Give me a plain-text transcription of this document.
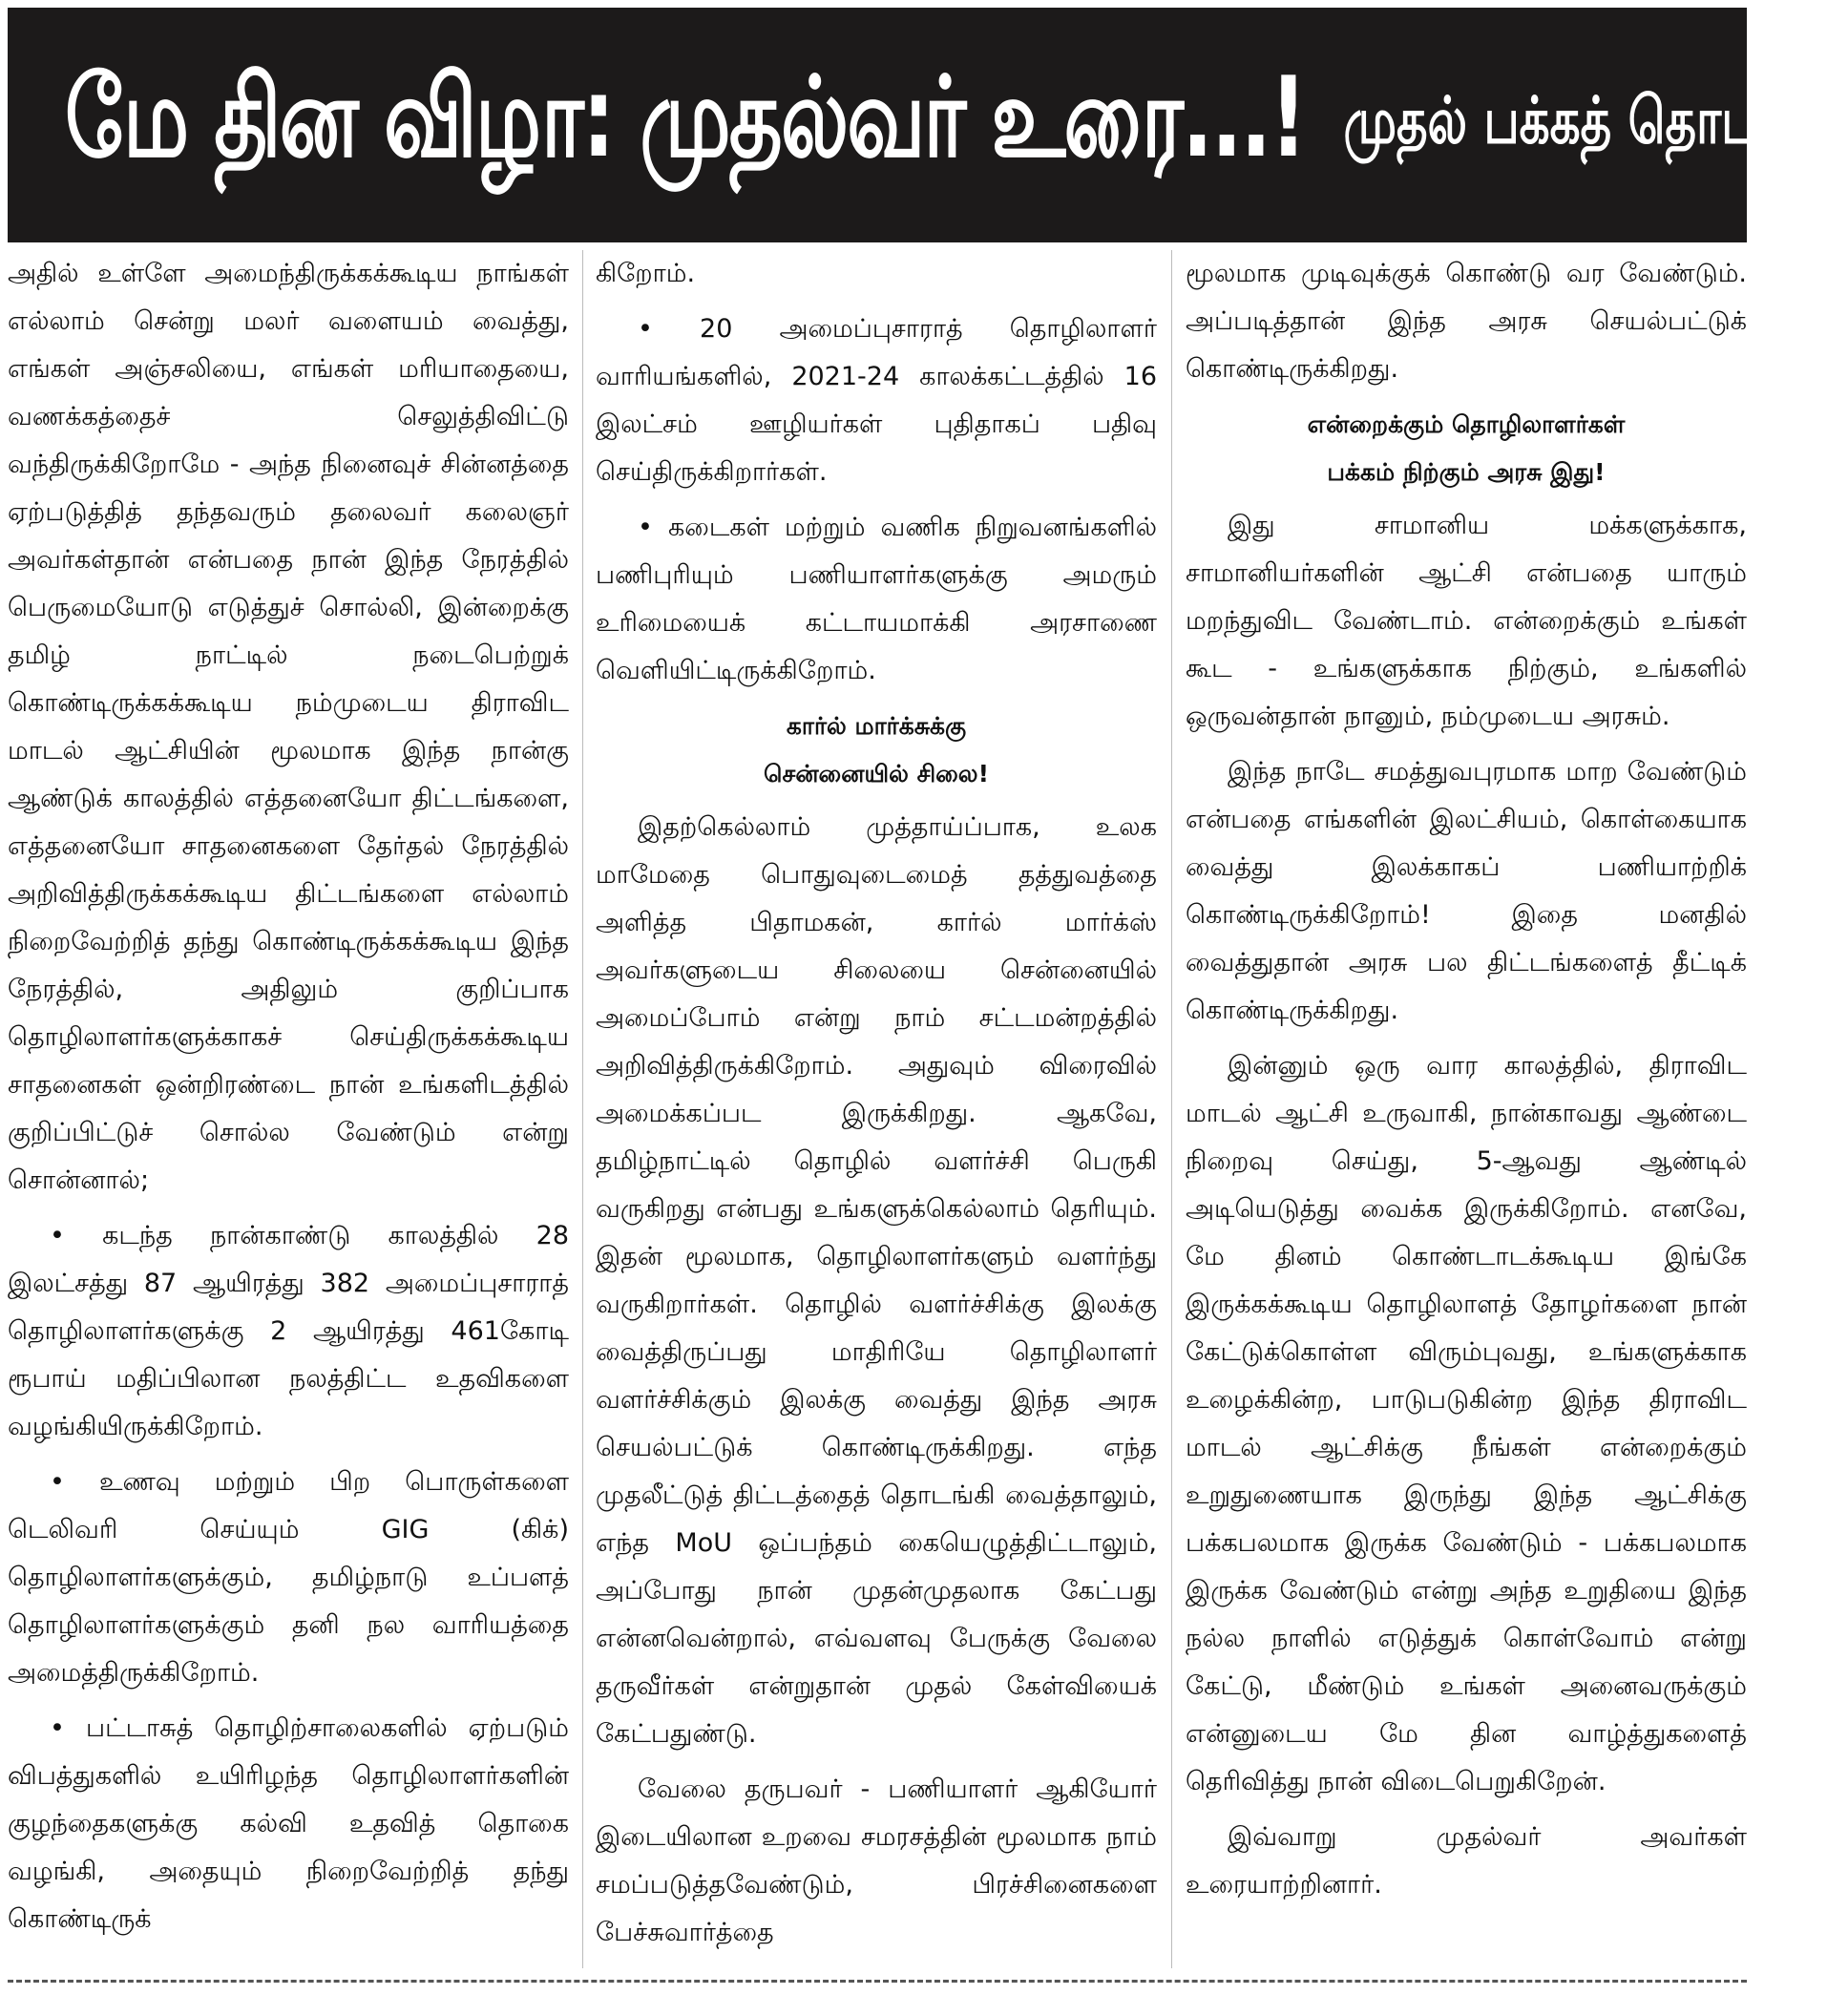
மே தின விழா: முதல்வர் உரை...! முதல் பக்கத் தொடர்ச்சி

அதில் உள்ளே அமைந்திருக்கக்கூடிய நாங்கள் எல்லாம் சென்று மலர் வளையம் வைத்து, எங்கள் அஞ்சலியை, எங்கள் மரியாதையை, வணக்கத்தைச் செலுத்திவிட்டு வந்திருக்கிறோமே - அந்த நினைவுச் சின்னத்தை ஏற்படுத்தித் தந்தவரும் தலைவர் கலைஞர் அவர்கள்தான் என்பதை நான் இந்த நேரத்தில் பெருமையோடு எடுத்துச் சொல்லி, இன்றைக்கு தமிழ் நாட்டில் நடைபெற்றுக் கொண்டிருக்கக்கூடிய நம்முடைய திராவிட மாடல் ஆட்சியின் மூலமாக இந்த நான்கு ஆண்டுக் காலத்தில் எத்தனையோ திட்டங்களை, எத்தனையோ சாதனைகளை தேர்தல் நேரத்தில் அறிவித்திருக்கக்கூடிய திட்டங்களை எல்லாம் நிறைவேற்றித் தந்து கொண்டிருக்கக்கூடிய இந்த நேரத்தில், அதிலும் குறிப்பாக தொழிலாளர்களுக்காகச் செய்திருக்கக்கூடிய சாதனைகள் ஒன்றிரண்டை நான் உங்களிடத்தில் குறிப்பிட்டுச் சொல்ல வேண்டும் என்று சொன்னால்;

• கடந்த நான்காண்டு காலத்தில் 28 இலட்சத்து 87 ஆயிரத்து 382 அமைப்புசாராத் தொழிலாளர்களுக்கு 2 ஆயிரத்து 461கோடி ரூபாய் மதிப்பிலான நலத்திட்ட உதவிகளை வழங்கியிருக்கிறோம்.

• உணவு மற்றும் பிற பொருள்களை டெலிவரி செய்யும் GIG (கிக்) தொழிலாளர்களுக்கும், தமிழ்நாடு உப்பளத் தொழிலாளர்களுக்கும் தனி நல வாரியத்தை அமைத்திருக்கிறோம்.

• பட்டாசுத் தொழிற்சாலைகளில் ஏற்படும் விபத்துகளில் உயிரிழந்த தொழிலாளர்களின் குழந்தைகளுக்கு கல்வி உதவித் தொகை வழங்கி, அதையும் நிறைவேற்றித் தந்து கொண்டிருக்

கிறோம்.

• 20 அமைப்புசாராத் தொழிலாளர் வாரியங்களில், 2021-24 காலக்கட்டத்தில் 16 இலட்சம் ஊழியர்கள் புதிதாகப் பதிவு செய்திருக்கிறார்கள்.

• கடைகள் மற்றும் வணிக நிறுவனங்களில் பணிபுரியும் பணியாளர்களுக்கு அமரும் உரிமையைக் கட்டாயமாக்கி அரசாணை வெளியிட்டிருக்கிறோம்.

கார்ல் மார்க்சுக்கு
சென்னையில் சிலை!

இதற்கெல்லாம் முத்தாய்ப்பாக, உலக மாமேதை பொதுவுடைமைத் தத்துவத்தை அளித்த பிதாமகன், கார்ல் மார்க்ஸ் அவர்களுடைய சிலையை சென்னையில் அமைப்போம் என்று நாம் சட்டமன்றத்தில் அறிவித்திருக்கிறோம். அதுவும் விரைவில் அமைக்கப்பட இருக்கிறது. ஆகவே, தமிழ்நாட்டில் தொழில் வளர்ச்சி பெருகி வருகிறது என்பது உங்களுக்கெல்லாம் தெரியும். இதன் மூலமாக, தொழிலாளர்களும் வளர்ந்து வருகிறார்கள். தொழில் வளர்ச்சிக்கு இலக்கு வைத்திருப்பது மாதிரியே தொழிலாளர் வளர்ச்சிக்கும் இலக்கு வைத்து இந்த அரசு செயல்பட்டுக் கொண்டிருக்கிறது. எந்த முதலீட்டுத் திட்டத்தைத் தொடங்கி வைத்தாலும், எந்த MoU ஒப்பந்தம் கையெழுத்திட்டாலும், அப்போது நான் முதன்முதலாக கேட்பது என்னவென்றால், எவ்வளவு பேருக்கு வேலை தருவீர்கள் என்றுதான் முதல் கேள்வியைக் கேட்பதுண்டு.

வேலை தருபவர் - பணியாளர் ஆகியோர் இடையிலான உறவை சமரசத்தின் மூலமாக நாம் சமப்படுத்தவேண்டும், பிரச்சினைகளை பேச்சுவார்த்தை

மூலமாக முடிவுக்குக் கொண்டு வர வேண்டும். அப்படித்தான் இந்த அரசு செயல்பட்டுக் கொண்டிருக்கிறது.

என்றைக்கும் தொழிலாளர்கள்
பக்கம் நிற்கும் அரசு இது!

இது சாமானிய மக்களுக்காக, சாமானியர்களின் ஆட்சி என்பதை யாரும் மறந்துவிட வேண்டாம். என்றைக்கும் உங்கள் கூட - உங்களுக்காக நிற்கும், உங்களில் ஒருவன்தான் நானும், நம்முடைய அரசும்.

இந்த நாடே சமத்துவபுரமாக மாற வேண்டும் என்பதை எங்களின் இலட்சியம், கொள்கையாக வைத்து இலக்காகப் பணியாற்றிக் கொண்டிருக்கிறோம்! இதை மனதில் வைத்துதான் அரசு பல திட்டங்களைத் தீட்டிக் கொண்டிருக்கிறது.

இன்னும் ஒரு வார காலத்தில், திராவிட மாடல் ஆட்சி உருவாகி, நான்காவது ஆண்டை நிறைவு செய்து, 5-ஆவது ஆண்டில் அடியெடுத்து வைக்க இருக்கிறோம். எனவே, மே தினம் கொண்டாடக்கூடிய இங்கே இருக்கக்கூடிய தொழிலாளத் தோழர்களை நான் கேட்டுக்கொள்ள விரும்புவது, உங்களுக்காக உழைக்கின்ற, பாடுபடுகின்ற இந்த திராவிட மாடல் ஆட்சிக்கு நீங்கள் என்றைக்கும் உறுதுணையாக இருந்து இந்த ஆட்சிக்கு பக்கபலமாக இருக்க வேண்டும் - பக்கபலமாக இருக்க வேண்டும் என்று அந்த உறுதியை இந்த நல்ல நாளில் எடுத்துக் கொள்வோம் என்று கேட்டு, மீண்டும் உங்கள் அனைவருக்கும் என்னுடைய மே தின வாழ்த்துகளைத் தெரிவித்து நான் விடைபெறுகிறேன்.

இவ்வாறு முதல்வர் அவர்கள் உரையாற்றினார்.
